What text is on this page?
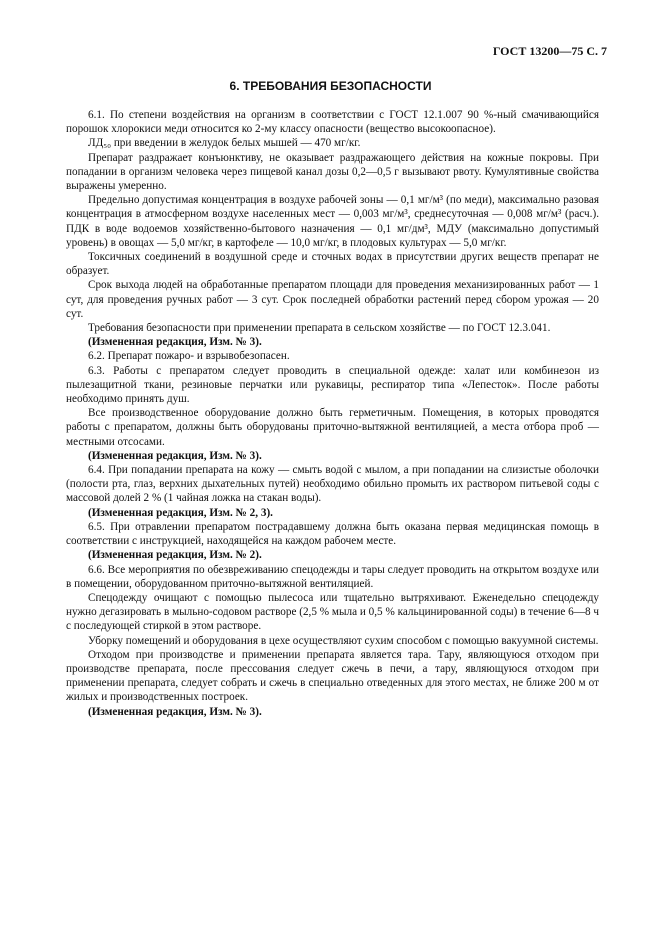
ГОСТ 13200—75 С. 7
6. ТРЕБОВАНИЯ БЕЗОПАСНОСТИ

6.1. По степени воздействия на организм в соответствии с ГОСТ 12.1.007 90 %-ный смачивающийся порошок хлорокиси меди относится ко 2-му классу опасности (вещество высокоопасное).

ЛД₅₀ при введении в желудок белых мышей — 470 мг/кг.

Препарат раздражает конъюнктиву, не оказывает раздражающего действия на кожные покровы. При попадании в организм человека через пищевой канал дозы 0,2—0,5 г вызывают рвоту. Кумулятивные свойства выражены умеренно.

Предельно допустимая концентрация в воздухе рабочей зоны — 0,1 мг/м³ (по меди), максимально разовая концентрация в атмосферном воздухе населенных мест — 0,003 мг/м³, среднесуточная — 0,008 мг/м³ (расч.). ПДК в воде водоемов хозяйственно-бытового назначения — 0,1 мг/дм³, МДУ (максимально допустимый уровень) в овощах — 5,0 мг/кг, в картофеле — 10,0 мг/кг, в плодовых культурах — 5,0 мг/кг.

Токсичных соединений в воздушной среде и сточных водах в присутствии других веществ препарат не образует.

Срок выхода людей на обработанные препаратом площади для проведения механизированных работ — 1 сут, для проведения ручных работ — 3 сут. Срок последней обработки растений перед сбором урожая — 20 сут.

Требования безопасности при применении препарата в сельском хозяйстве — по ГОСТ 12.3.041.

(Измененная редакция, Изм. № 3).

6.2. Препарат пожаро- и взрывобезопасен.

6.3. Работы с препаратом следует проводить в специальной одежде: халат или комбинезон из пылезащитной ткани, резиновые перчатки или рукавицы, респиратор типа «Лепесток». После работы необходимо принять душ.

Все производственное оборудование должно быть герметичным. Помещения, в которых проводятся работы с препаратом, должны быть оборудованы приточно-вытяжной вентиляцией, а места отбора проб — местными отсосами.

(Измененная редакция, Изм. № 3).

6.4. При попадании препарата на кожу — смыть водой с мылом, а при попадании на слизистые оболочки (полости рта, глаз, верхних дыхательных путей) необходимо обильно промыть их раствором питьевой соды с массовой долей 2 % (1 чайная ложка на стакан воды).

(Измененная редакция, Изм. № 2, 3).

6.5. При отравлении препаратом пострадавшему должна быть оказана первая медицинская помощь в соответствии с инструкцией, находящейся на каждом рабочем месте.

(Измененная редакция, Изм. № 2).

6.6. Все мероприятия по обезвреживанию спецодежды и тары следует проводить на открытом воздухе или в помещении, оборудованном приточно-вытяжной вентиляцией.

Спецодежду очищают с помощью пылесоса или тщательно вытряхивают. Еженедельно спецодежду нужно дегазировать в мыльно-содовом растворе (2,5 % мыла и 0,5 % кальцинированной соды) в течение 6—8 ч с последующей стиркой в этом растворе.

Уборку помещений и оборудования в цехе осуществляют сухим способом с помощью вакуумной системы.

Отходом при производстве и применении препарата является тара. Тару, являющуюся отходом при производстве препарата, после прессования следует сжечь в печи, а тару, являющуюся отходом при применении препарата, следует собрать и сжечь в специально отведенных для этого местах, не ближе 200 м от жилых и производственных построек.

(Измененная редакция, Изм. № 3).
